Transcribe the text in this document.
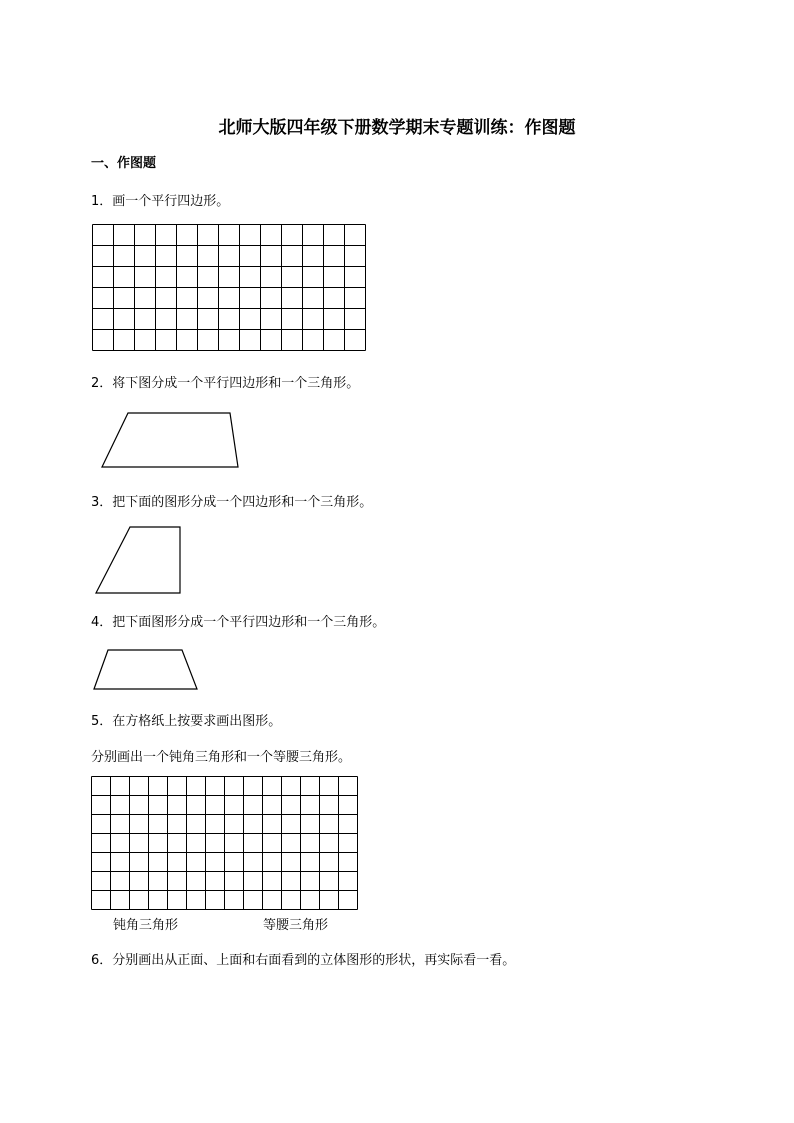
北师大版四年级下册数学期末专题训练：作图题
一、作图题
1．画一个平行四边形。
2．将下图分成一个平行四边形和一个三角形。
3．把下面的图形分成一个四边形和一个三角形。
4．把下面图形分成一个平行四边形和一个三角形。
5．在方格纸上按要求画出图形。
分别画出一个钝角三角形和一个等腰三角形。
钝角三角形	等腰三角形
6．分别画出从正面、上面和右面看到的立体图形的形状，再实际看一看。
